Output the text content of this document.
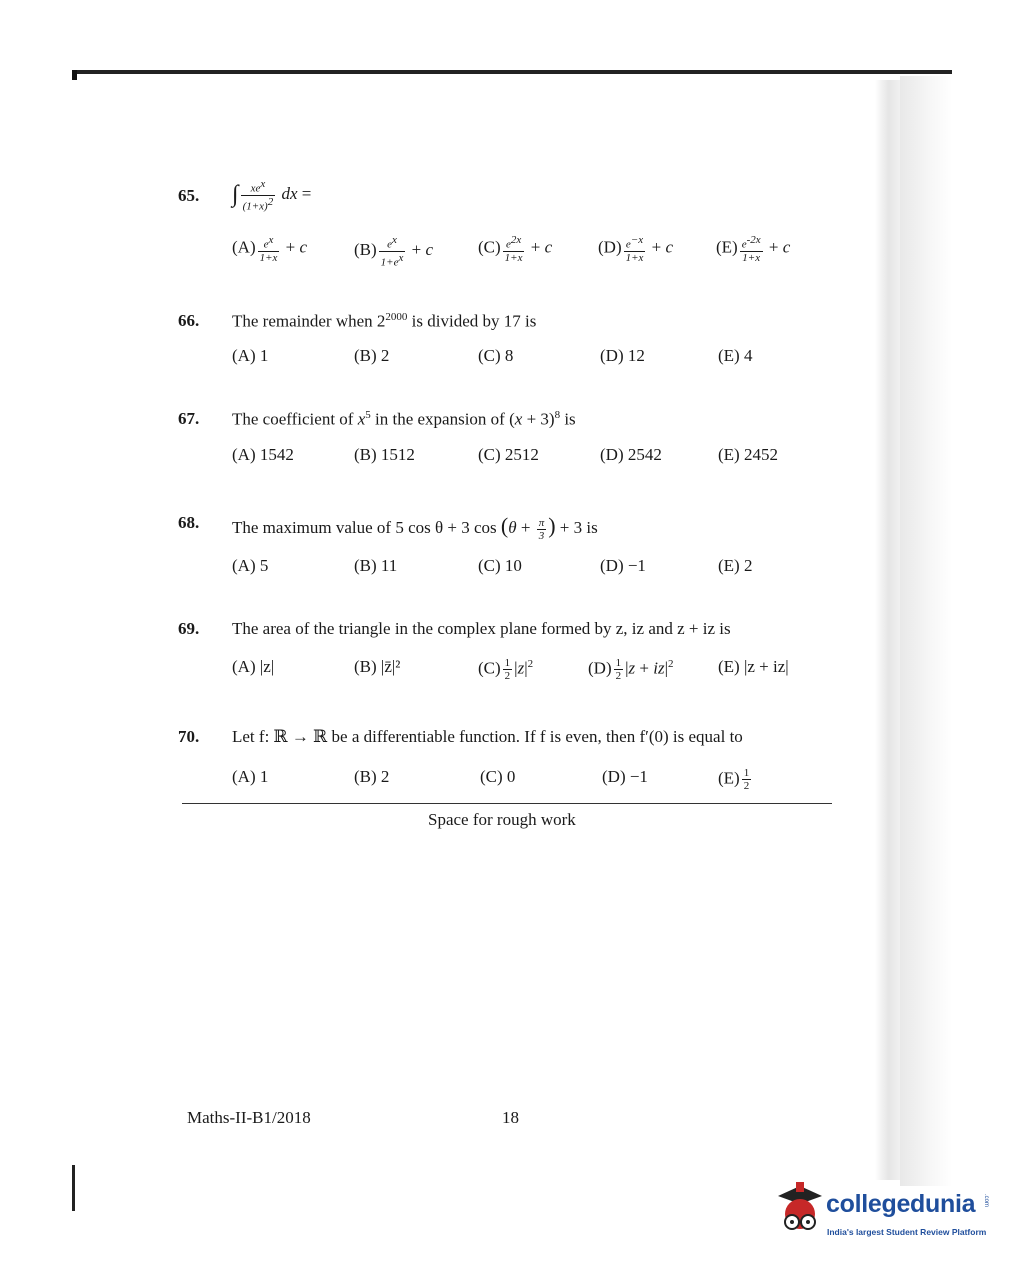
65. ∫ $\frac{xe^x}{(1+x)^2}$ dx =
$(A) \frac{e^x}{1+x} + c$	$(B) \frac{e^x}{1+e^x} + c$	$(C) \frac{e^{2x}}{1+x} + c$	$(D) \frac{e^{-x}}{1+x} + c$	$(E) \frac{e^{-2x}}{1+x} + c$
66. The remainder when $2^{2000}$ is divided by 17 is
(A) 1	(B) 2	(C) 8	(D) 12	(E) 4
67. The coefficient of $x^5$ in the expansion of $(x + 3)^8$ is
(A) 1542	(B) 1512	(C) 2512	(D) 2542	(E) 2452
68. The maximum value of 5 cos θ + 3 $\cos (\theta + \frac{\pi}{3}$ ) + 3 is
(A) 5	(B) 11	(C) 10	(D) −1	(E) 2
69. The area of the triangle in the complex plane formed by z, iz and z + iz is
(A) |z|	(B) |z̄|²	$(C) \frac{1}{2} |z|^2$	$(D) \frac{1}{2} |z + iz|^2$	(E) |z + iz|
70. Let f: ℝ → ℝ be a differentiable function. If f is even, then f′(0) is equal to
(A) 1	(B) 2	(C) 0	(D) −1	$(E) \frac{1}{2}$
Space for rough work
Maths-II-B1/2018	18
collegedunia .com
India's largest Student Review Platform
